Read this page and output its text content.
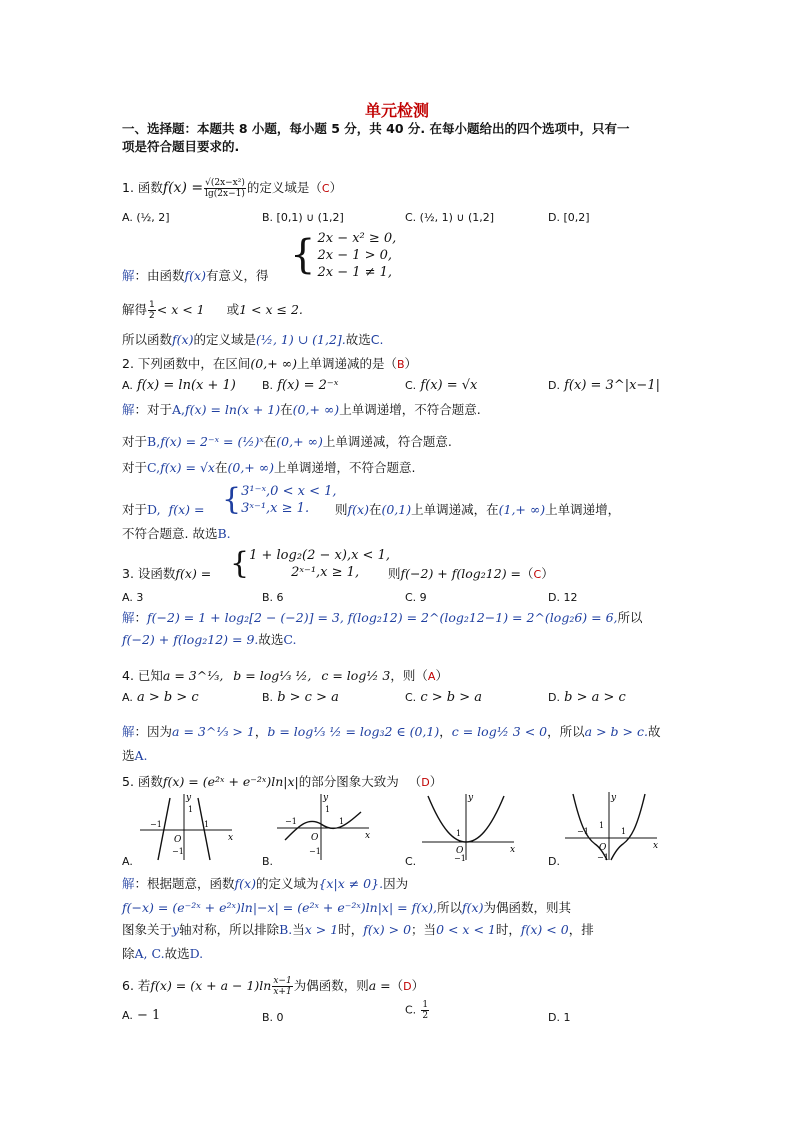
单元检测
一、选择题：本题共 8 小题，每小题 5 分，共 40 分. 在每小题给出的四个选项中，只有一
项是符合题目要求的.
1. 函数$f(x) = \frac{\text{√(2x−x²)}}{\lg(2x-1)}$ 的定义域是（C）
A. (½, 2]	B. [0,1) ∪ (1,2]	C. (½, 1) ∪ (1,2]	D. [0,2]
解：由函数f(x)有意义，得 { 2x − x² ≥ 0,
2x − 1 > 0,
2x − 1 ≠ 1,
解得 $\frac{1}{2} < x < 1$ 或1 < x ≤ 2.
所以函数f(x)的定义域是(½, 1) ∪ (1,2].故选C.
2. 下列函数中，在区间(0,+ ∞)上单调递减的是（B）
A. f(x) = ln(x + 1) B. f(x) = 2⁻ˣ	C. f(x) = √x	D. f(x) = 3^|x−1|
解：对于A,f(x) = ln(x + 1)在(0,+ ∞)上单调递增，不符合题意.
对于B,f(x) = 2⁻ˣ = (½)ˣ在(0,+ ∞)上单调递减，符合题意.
对于C,f(x) = √x在(0,+ ∞)上单调递增，不符合题意.
对于D, f(x) = { 3¹⁻ˣ,0 < x < 1,
3ˣ⁻¹,x ≥ 1.	则f(x)在(0,1)上单调递减，在(1,+ ∞)上单调递增，
不符合题意. 故选B.
3. 设函数f(x) = { 1 + log₂(2 − x),x < 1,
2ˣ⁻¹,x ≥ 1,	则f(−2) + f(log₂12) =（C）
A. 3	B. 6	C. 9	D. 12
解：f(−2) = 1 + log₂[2 − (−2)] = 3, f(log₂12) = 2^(log₂12−1) = 2^(log₂6) = 6,所以
f(−2) + f(log₂12) = 9.故选C.
4. 已知a = 3^⅓, b = log⅓ ½, c = log½ 3，则（A）
A. a > b > c	B. b > c > a	C. c > b > a	D. b > a > c
解：因为a = 3^⅓ > 1，b = log⅓ ½ = log₃2 ∈ (0,1)，c = log½ 3 < 0，所以a > b > c.故
选A.
5. 函数f(x) = (e²ˣ + e⁻²ˣ)ln|x|的部分图象大致为 （D）
y
x
O
1
−1	1
−1
A.
y
x
O
1
−1	1
−1
B.
y
x
O
1
−1
C.
y
x
O
1
−1	1
−1
D.
解：根据题意，函数f(x)的定义域为{x|x ≠ 0}.因为
f(−x) = (e⁻²ˣ + e²ˣ)ln|−x| = (e²ˣ + e⁻²ˣ)ln|x| = f(x),所以f(x)为偶函数，则其
图象关于y轴对称，所以排除B.当x > 1时，f(x) > 0；当0 < x < 1时，f(x) < 0，排
除A, C.故选D.
6. 若$f(x) = (x + a - 1)\ln \frac{x-1}{x+1}$ 为偶函数，则a =（D）
A. − 1	B. 0
C. $\frac{1}{2}$	D. 1
